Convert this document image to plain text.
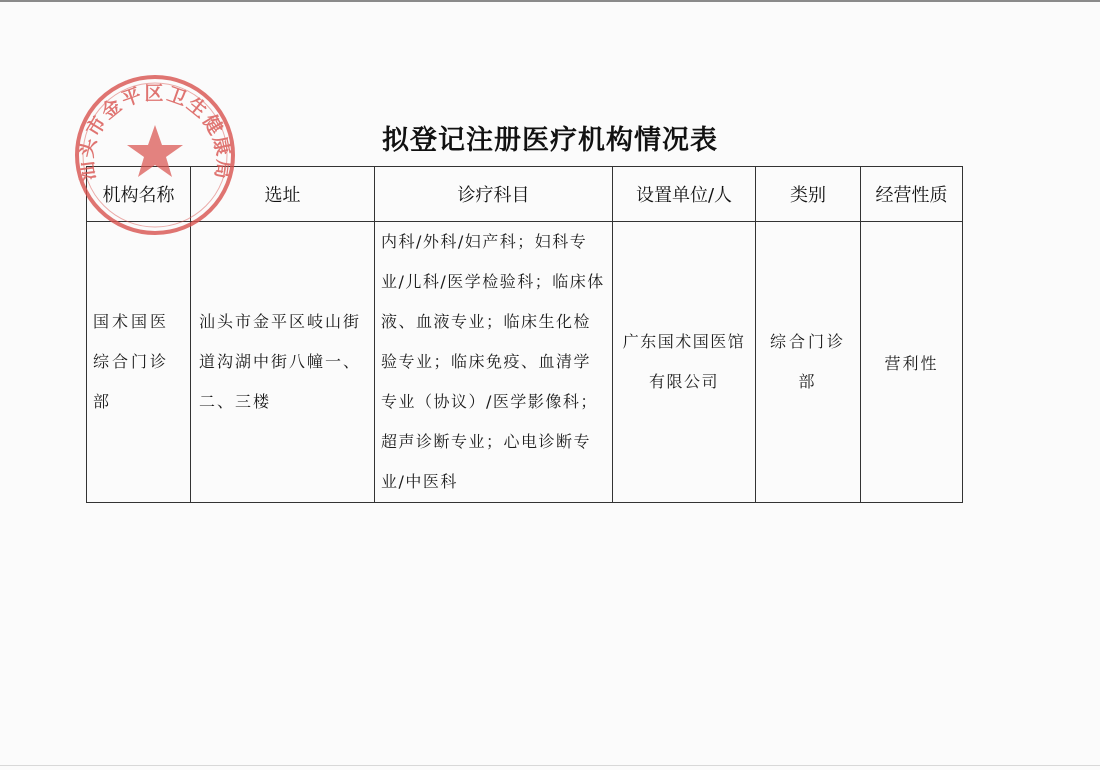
拟登记注册医疗机构情况表
机构名称	选址	诊疗科目	设置单位/人	类别	经营性质
国术国医综合门诊部	汕头市金平区岐山街道沟湖中街八幢一、二、三楼	内科/外科/妇产科；妇科专业/儿科/医学检验科；临床体液、血液专业；临床生化检验专业；临床免疫、血清学专业（协议）/医学影像科；超声诊断专业；心电诊断专业/中医科	广东国术国医馆有限公司	综合门诊部	营利性
汕头市金平区卫生健康局
